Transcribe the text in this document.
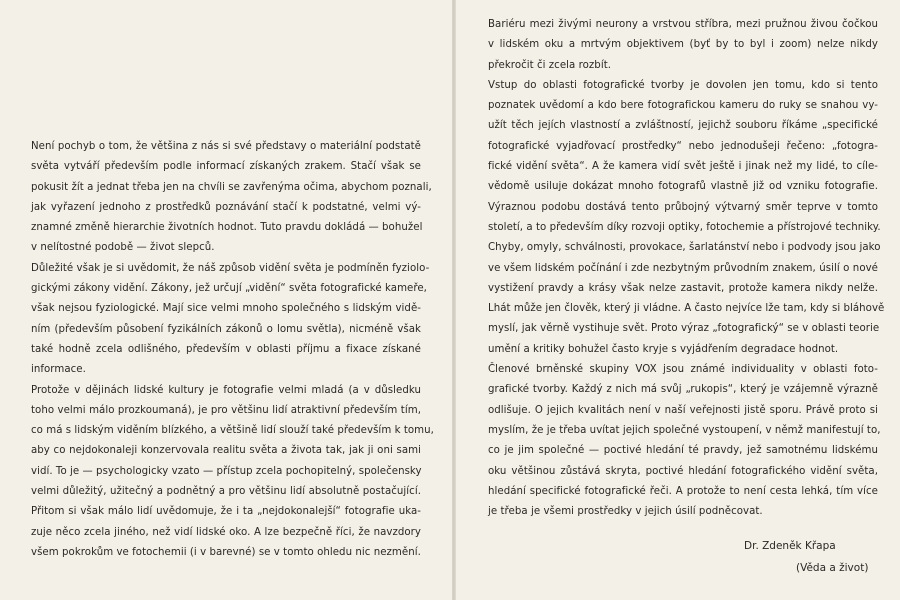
Není pochyb o tom, že většina z nás si své představy o materiální podstatě
světa vytváří především podle informací získaných zrakem. Stačí však se
pokusit žít a jednat třeba jen na chvíli se zavřenýma očima, abychom poznali,
jak vyřazení jednoho z prostředků poznávání stačí k podstatné, velmi vý-
znamné změně hierarchie životních hodnot. Tuto pravdu dokládá — bohužel
v nelítostné podobě — život slepců.
Důležité však je si uvědomit, že náš způsob vidění světa je podmíněn fyziolo-
gickými zákony vidění. Zákony, jež určují „vidění“ světa fotografické kameře,
však nejsou fyziologické. Mají sice velmi mnoho společného s lidským vidě-
ním (především působení fyzikálních zákonů o lomu světla), nicméně však
také hodně zcela odlišného, především v oblasti příjmu a fixace získané
informace.
Protože v dějinách lidské kultury je fotografie velmi mladá (a v důsledku
toho velmi málo prozkoumaná), je pro většinu lidí atraktivní především tím,
co má s lidským viděním blízkého, a většině lidí slouží také především k tomu,
aby co nejdokonaleji konzervovala realitu světa a života tak, jak ji oni sami
vidí. To je — psychologicky vzato — přístup zcela pochopitelný, společensky
velmi důležitý, užitečný a podnětný a pro většinu lidí absolutně postačující.
Přitom si však málo lidí uvědomuje, že i ta „nejdokonalejší“ fotografie uka-
zuje něco zcela jiného, než vidí lidské oko. A lze bezpečně říci, že navzdory
všem pokrokům ve fotochemii (i v barevné) se v tomto ohledu nic nezmění.
Bariéru mezi živými neurony a vrstvou stříbra, mezi pružnou živou čočkou
v lidském oku a mrtvým objektivem (byť by to byl i zoom) nelze nikdy
překročit či zcela rozbít.
Vstup do oblasti fotografické tvorby je dovolen jen tomu, kdo si tento
poznatek uvědomí a kdo bere fotografickou kameru do ruky se snahou vy-
užít těch jejích vlastností a zvláštností, jejichž souboru říkáme „specifické
fotografické vyjadřovací prostředky“ nebo jednodušeji řečeno: „fotogra-
fické vidění světa“. A že kamera vidí svět ještě i jinak než my lidé, to cíle-
vědomě usiluje dokázat mnoho fotografů vlastně již od vzniku fotografie.
Výraznou podobu dostává tento průbojný výtvarný směr teprve v tomto
století, a to především díky rozvoji optiky, fotochemie a přístrojové techniky.
Chyby, omyly, schválnosti, provokace, šarlatánství nebo i podvody jsou jako
ve všem lidském počínání i zde nezbytným průvodním znakem, úsilí o nové
vystižení pravdy a krásy však nelze zastavit, protože kamera nikdy nelže.
Lhát může jen člověk, který ji vládne. A často nejvíce lže tam, kdy si bláhově
myslí, jak věrně vystihuje svět. Proto výraz „fotografický“ se v oblasti teorie
umění a kritiky bohužel často kryje s vyjádřením degradace hodnot.
Členové brněnské skupiny VOX jsou známé individuality v oblasti foto-
grafické tvorby. Každý z nich má svůj „rukopis“, který je vzájemně výrazně
odlišuje. O jejich kvalitách není v naší veřejnosti jistě sporu. Právě proto si
myslím, že je třeba uvítat jejich společné vystoupení, v němž manifestují to,
co je jim společné — poctivé hledání té pravdy, jež samotnému lidskému
oku většinou zůstává skryta, poctivé hledání fotografického vidění světa,
hledání specifické fotografické řeči. A protože to není cesta lehká, tím více
je třeba je všemi prostředky v jejich úsilí podněcovat.
Dr. Zdeněk Křapa
(Věda a život)
